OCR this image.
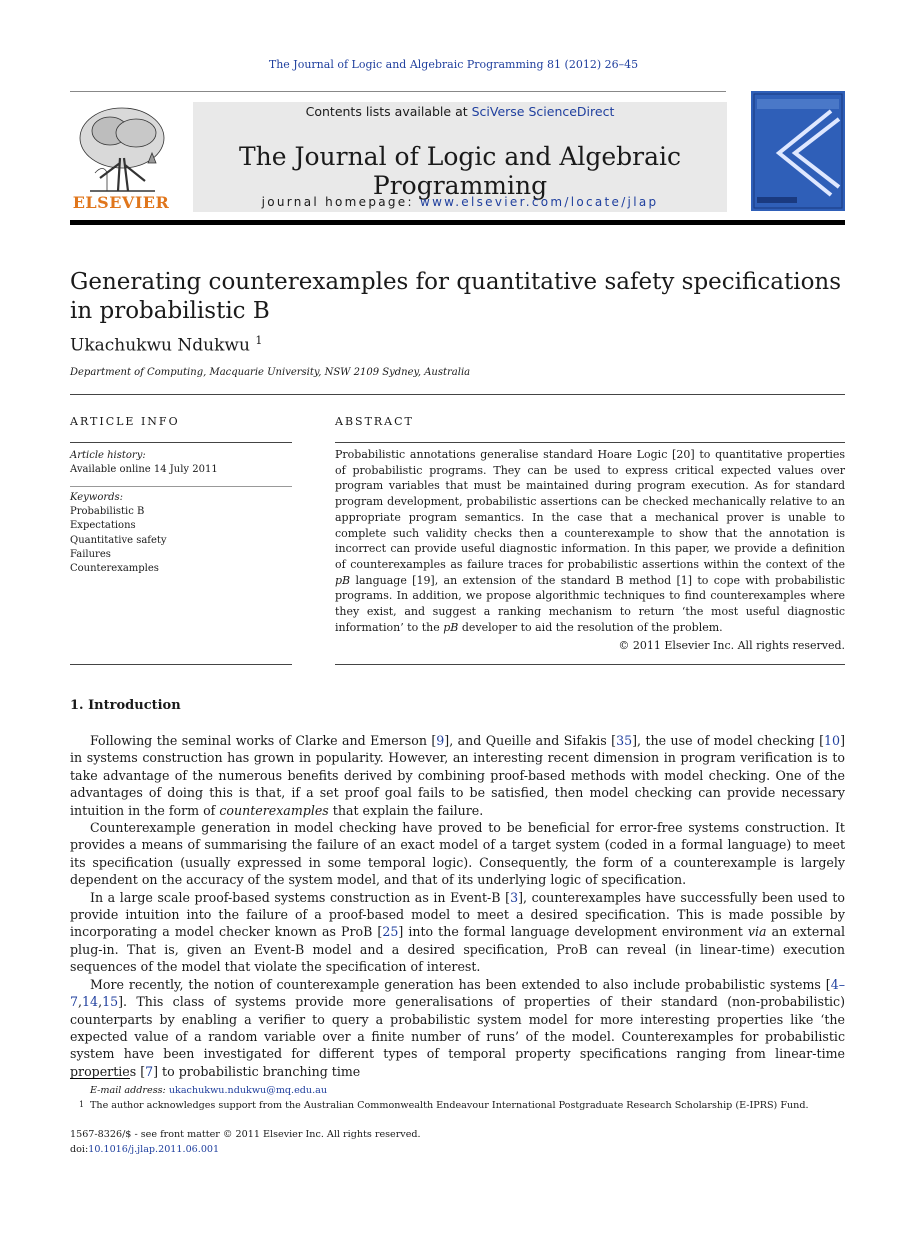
The Journal of Logic and Algebraic Programming 81 (2012) 26–45
ELSEVIER
Contents lists available at SciVerse ScienceDirect
The Journal of Logic and Algebraic Programming
journal homepage: www.elsevier.com/locate/jlap
Generating counterexamples for quantitative safety specifications in probabilistic B
Ukachukwu Ndukwu $^1$
Department of Computing, Macquarie University, NSW 2109 Sydney, Australia
ARTICLE INFO	ABSTRACT
Article history:
Available online 14 July 2011
Keywords:
Probabilistic B
Expectations
Quantitative safety
Failures
Counterexamples
Probabilistic annotations generalise standard Hoare Logic [20] to quantitative properties of probabilistic programs. They can be used to express critical expected values over program variables that must be maintained during program execution. As for standard program development, probabilistic assertions can be checked mechanically relative to an appropriate program semantics. In the case that a mechanical prover is unable to complete such validity checks then a counterexample to show that the annotation is incorrect can provide useful diagnostic information. In this paper, we provide a definition of counterexamples as failure traces for probabilistic assertions within the context of the pB language [19], an extension of the standard B method [1] to cope with probabilistic programs. In addition, we propose algorithmic techniques to find counterexamples where they exist, and suggest a ranking mechanism to return ‘the most useful diagnostic information’ to the pB developer to aid the resolution of the problem.
© 2011 Elsevier Inc. All rights reserved.
1. Introduction

Following the seminal works of Clarke and Emerson [9], and Queille and Sifakis [35], the use of model checking [10] in systems construction has grown in popularity. However, an interesting recent dimension in program verification is to take advantage of the numerous benefits derived by combining proof-based methods with model checking. One of the advantages of doing this is that, if a set proof goal fails to be satisfied, then model checking can provide necessary intuition in the form of counterexamples that explain the failure.

Counterexample generation in model checking have proved to be beneficial for error-free systems construction. It provides a means of summarising the failure of an exact model of a target system (coded in a formal language) to meet its specification (usually expressed in some temporal logic). Consequently, the form of a counterexample is largely dependent on the accuracy of the system model, and that of its underlying logic of specification.

In a large scale proof-based systems construction as in Event-B [3], counterexamples have successfully been used to provide intuition into the failure of a proof-based model to meet a desired specification. This is made possible by incorporating a model checker known as ProB [25] into the formal language development environment via an external plug-in. That is, given an Event-B model and a desired specification, ProB can reveal (in linear-time) execution sequences of the model that violate the specification of interest.

More recently, the notion of counterexample generation has been extended to also include probabilistic systems [4–7,14,15]. This class of systems provide more generalisations of properties of their standard (non-probabilistic) counterparts by enabling a verifier to query a probabilistic system model for more interesting properties like ‘the expected value of a random variable over a finite number of runs’ of the model. Counterexamples for probabilistic system have been investigated for different types of temporal property specifications ranging from linear-time properties [7] to probabilistic branching time

E-mail address: ukachukwu.ndukwu@mq.edu.au
1 The author acknowledges support from the Australian Commonwealth Endeavour International Postgraduate Research Scholarship (E-IPRS) Fund.
1567-8326/$ - see front matter © 2011 Elsevier Inc. All rights reserved.
doi:10.1016/j.jlap.2011.06.001
